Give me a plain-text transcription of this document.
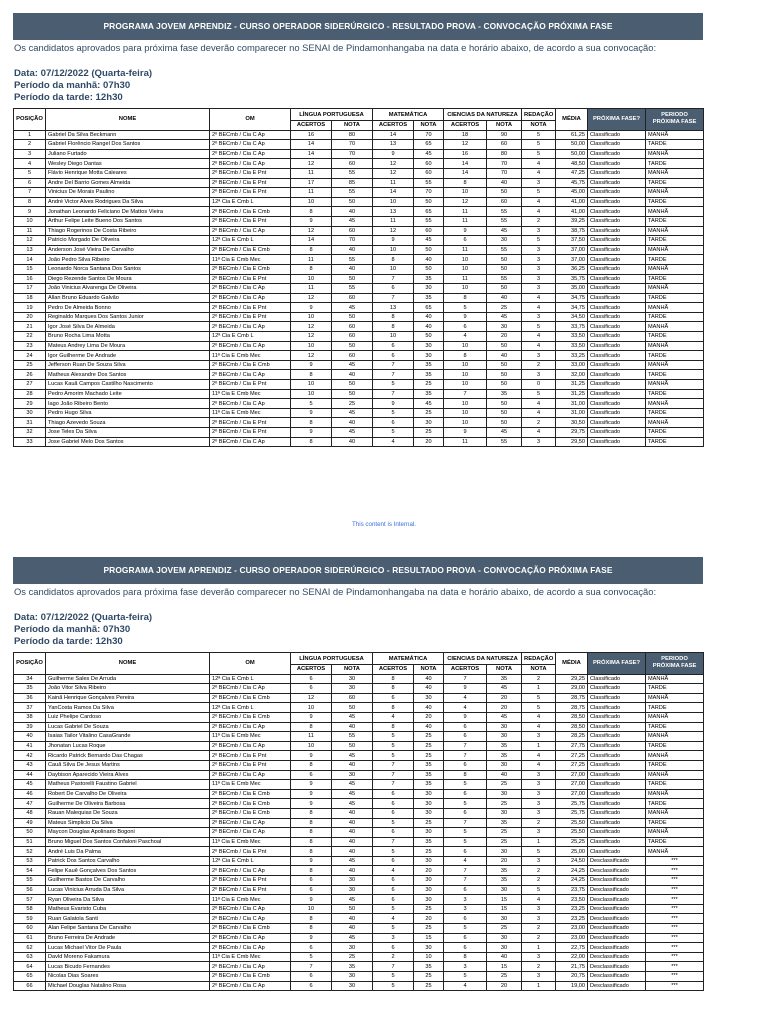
PROGRAMA JOVEM APRENDIZ - CURSO OPERADOR SIDERÚRGICO - RESULTADO PROVA - CONVOCAÇÃO PRÓXIMA FASE
Os candidatos aprovados para próxima fase deverão comparecer no SENAI de Pindamonhangaba na data e horário abaixo, de acordo a sua convocação:
Data: 07/12/2022 (Quarta-feira)
Período da manhã: 07h30
Período da tarde: 12h30
POSIÇÃO	NOME	OM	LÍNGUA PORTUGUESA		MATEMÁTICA		CIENCIAS DA NATUREZA		REDAÇÃO	MÉDIA	PRÓXIMA FASE?	PERIODO PRÓXIMA FASE
			ACERTOS	NOTA	ACERTOS	NOTA	ACERTOS	NOTA	NOTA			
1	Gabriel Da Silva Beckmann	2º BECmb / Cia C Ap	16	80	14	70	18	90	5	61,25	Classificado	MANHÃ
2	Gabriel Florêncio Rangel Dos Santos	2º BECmb / Cia C Ap	14	70	13	65	12	60	5	50,00	Classificado	TARDE
3	Juliano Furtado	2º BECmb / Cia C Ap	14	70	9	45	16	80	5	50,00	Classificado	MANHÃ
4	Wesley Diego Dantas	2º BECmb / Cia C Ap	12	60	12	60	14	70	4	48,50	Classificado	TARDE
5	Flávio Henrique Motta Caleares	2º BECmb / Cia E Pnt	11	55	12	60	14	70	4	47,25	Classificado	MANHÃ
6	Andre Del Barrio Gomes Almeida	2º BECmb / Cia E Pnt	17	85	11	55	8	40	3	45,75	Classificado	TARDE
7	Vinicius De Morais Paulino	2º BECmb / Cia E Pnt	11	55	14	70	10	50	5	45,00	Classificado	MANHÃ
8	André Victor Alves Rodrigues Da Silva	12ª Cia E Cmb L	10	50	10	50	12	60	4	41,00	Classificado	TARDE
9	Jonathan Leonardo Feliciano De Mattos Vieira	2º BECmb / Cia E Cmb	8	40	13	65	11	55	4	41,00	Classificado	MANHÃ
10	Arthur Felipe Leite Bueno Dos Santos	2º BECmb / Cia E Pnt	9	45	11	55	11	55	2	39,25	Classificado	TARDE
11	Thiago Rogerinos De Costa Ribeiro	2º BECmb / Cia C Ap	12	60	12	60	9	45	3	38,75	Classificado	MANHÃ
12	Patricio Morgado De Oliveira	12ª Cia E Cmb L	14	70	9	45	6	30	5	37,50	Classificado	TARDE
13	Anderson José Vieira De Carvalho	2º BECmb / Cia E Cmb	8	40	10	50	11	55	3	37,00	Classificado	MANHÃ
14	João Pedro Silva Ribeiro	11ª Cia E Cmb Mec	11	55	8	40	10	50	3	37,00	Classificado	TARDE
15	Leonardo Norca Santana Dos Santos	2º BECmb / Cia E Cmb	8	40	10	50	10	50	3	36,25	Classificado	MANHÃ
16	Diego Rezende Santos De Moura	2º BECmb / Cia E Pnt	10	50	7	35	11	55	3	35,75	Classificado	TARDE
17	João Vinicius Alvarenga De Oliveira	2º BECmb / Cia C Ap	11	55	6	30	10	50	3	35,00	Classificado	MANHÃ
18	Allan Bruno Eduardo Galvão	2º BECmb / Cia C Ap	12	60	7	35	8	40	4	34,75	Classificado	TARDE
19	Pedro De Almeida Bonno	2º BECmb / Cia E Pnt	9	45	13	65	5	25	4	34,75	Classificado	MANHÃ
20	Reginaldo Marques Dos Santos Junior	2º BECmb / Cia E Pnt	10	50	8	40	9	45	3	34,50	Classificado	TARDE
21	Igor José Silva De Almeida	2º BECmb / Cia C Ap	12	60	8	40	6	30	5	33,75	Classificado	MANHÃ
22	Bruno Rocha Lima Motta	12ª Cia E Cmb L	12	60	10	50	4	20	4	33,50	Classificado	TARDE
23	Mateus Andrey Lima De Moura	2º BECmb / Cia C Ap	10	50	6	30	10	50	4	33,50	Classificado	MANHÃ
24	Igor Guilherme De Andrade	11ª Cia E Cmb Mec	12	60	6	30	8	40	3	33,25	Classificado	TARDE
25	Jefferson Ruan De Souza Silva	2º BECmb / Cia E Cmb	9	45	7	35	10	50	2	33,00	Classificado	MANHÃ
26	Matheus Alexandre Dos Santos	2º BECmb / Cia C Ap	8	40	7	35	10	50	3	32,00	Classificado	TARDE
27	Lucas Kauã Campos Castilho Nascimento	2º BECmb / Cia E Pnt	10	50	5	25	10	50	0	31,25	Classificado	MANHÃ
28	Pedro Amorim Machado Leite	11ª Cia E Cmb Mec	10	50	7	35	7	35	5	31,25	Classificado	TARDE
29	Iago João Ribeiro Bento	2º BECmb / Cia C Ap	5	25	9	45	10	50	4	31,00	Classificado	MANHÃ
30	Pedro Hugo Silva	11ª Cia E Cmb Mec	9	45	5	25	10	50	4	31,00	Classificado	TARDE
31	Thiago Azevedo Souza	2º BECmb / Cia E Pnt	8	40	6	30	10	50	2	30,50	Classificado	MANHÃ
32	Jose Teles Da Silva	2º BECmb / Cia E Pnt	9	45	5	25	9	45	4	29,75	Classificado	TARDE
33	Jose Gabriel Melo Dos Santos	2º BECmb / Cia C Ap	8	40	4	20	11	55	3	29,50	Classificado	TARDE
This content is Internal.
PROGRAMA JOVEM APRENDIZ - CURSO OPERADOR SIDERÚRGICO - RESULTADO PROVA - CONVOCAÇÃO PRÓXIMA FASE
Os candidatos aprovados para próxima fase deverão comparecer no SENAI de Pindamonhangaba na data e horário abaixo, de acordo a sua convocação:
Data: 07/12/2022 (Quarta-feira)
Período da manhã: 07h30
Período da tarde: 12h30
POSIÇÃO	NOME	OM	LÍNGUA PORTUGUESA		MATEMÁTICA		CIENCIAS DA NATUREZA		REDAÇÃO	MÉDIA	PRÓXIMA FASE?	PERIODO PRÓXIMA FASE
			ACERTOS	NOTA	ACERTOS	NOTA	ACERTOS	NOTA	NOTA			
34	Guilherme Sales De Arruda	12ª Cia E Cmb L	6	30	8	40	7	35	2	29,25	Classificado	MANHÃ
35	João Vitor Silva Ribeiro	2º BECmb / Cia C Ap	6	30	8	40	9	45	1	29,00	Classificado	TARDE
36	Kainã Henrique Gonçalves Pereira	2º BECmb / Cia E Cmb	12	60	6	30	4	20	5	28,75	Classificado	MANHÃ
37	YanCosta Ramos Da Silva	12ª Cia E Cmb L	10	50	8	40	4	20	5	28,75	Classificado	TARDE
38	Luiz Phelipe Cardoso	2º BECmb / Cia E Cmb	9	45	4	20	9	45	4	28,50	Classificado	MANHÃ
39	Lucas Gabriel De Souza	2º BECmb / Cia C Ap	8	40	8	40	6	30	4	28,50	Classificado	TARDE
40	Isaias Tailor Vitalino CasaGrande	11ª Cia E Cmb Mec	11	55	5	25	6	30	3	28,25	Classificado	MANHÃ
41	Jhonatan Lucas Roque	2º BECmb / Cia C Ap	10	50	5	25	7	35	1	27,75	Classificado	TARDE
42	Ricardo Patrick Bernardo Das Chagas	2º BECmb / Cia E Pnt	9	45	5	25	7	35	4	27,25	Classificado	MANHÃ
43	Cauã Silva De Jesus Martins	2º BECmb / Cia E Pnt	8	40	7	35	6	30	4	27,25	Classificado	TARDE
44	Daybison Aparecido Vieira Alves	2º BECmb / Cia C Ap	6	30	7	35	8	40	3	27,00	Classificado	MANHÃ
45	Matheus Pastorelli Faustino Gabriel	11ª Cia E Cmb Mec	9	45	7	35	5	25	3	27,00	Classificado	TARDE
46	Robert De Carvalho De Oliveira	2º BECmb / Cia E Cmb	9	45	6	30	6	30	3	27,00	Classificado	MANHÃ
47	Guilherme De Oliveira Barbosa	2º BECmb / Cia E Cmb	9	45	6	30	5	25	3	25,75	Classificado	TARDE
48	Rauan Malequias De Souza	2º BECmb / Cia E Cmb	8	40	6	30	6	30	3	25,75	Classificado	MANHÃ
49	Mateus Simplicio Da Silva	2º BECmb / Cia C Ap	8	40	5	25	7	35	2	25,50	Classificado	TARDE
50	Maycon Douglas Apolinario Bogoni	2º BECmb / Cia C Ap	8	40	6	30	5	25	3	25,50	Classificado	MANHÃ
51	Bruno Miguel Dos Santos Confaloni Paschoal	11ª Cia E Cmb Mec	8	40	7	35	5	25	1	25,25	Classificado	TARDE
52	André Luis Da Palma	2º BECmb / Cia E Pnt	8	40	5	25	6	30	5	25,00	Classificado	MANHÃ
53	Patrick Dos Santos Carvalho	12ª Cia E Cmb L	9	45	6	30	4	20	3	24,50	Desclassificado	***
54	Felipe Kauê Gonçalves Dos Santos	2º BECmb / Cia C Ap	8	40	4	20	7	35	2	24,25	Desclassificado	***
55	Guilherme Bastos De Carvalho	2º BECmb / Cia E Pnt	6	30	6	30	7	35	2	24,25	Desclassificado	***
56	Lucas Vinicius Arruda Da Silva	2º BECmb / Cia E Pnt	6	30	6	30	6	30	5	23,75	Desclassificado	***
57	Ryan Oliveira Da Silva	11ª Cia E Cmb Mec	9	45	6	30	3	15	4	23,50	Desclassificado	***
58	Matheus Evaristo Cuba	2º BECmb / Cia C Ap	10	50	5	25	3	15	3	23,25	Desclassificado	***
59	Ruan Galatola Santi	2º BECmb / Cia C Ap	8	40	4	20	6	30	3	23,25	Desclassificado	***
60	Alan Felipe Santana De Carvalho	2º BECmb / Cia E Cmb	8	40	5	25	5	25	2	23,00	Desclassificado	***
61	Bruno Ferreira De Andrade	2º BECmb / Cia C Ap	9	45	3	15	6	30	2	23,00	Desclassificado	***
62	Lucas Michael Vitor De Paula	2º BECmb / Cia C Ap	6	30	6	30	6	30	1	22,75	Desclassificado	***
63	Davld Moreno Fakamura	11ª Cia E Cmb Mec	5	25	2	10	8	40	3	22,00	Desclassificado	***
64	Lucas Bicudo Fernandes	2º BECmb / Cia C Ap	7	35	7	35	3	15	2	21,75	Desclassificado	***
65	Nicolas Dias Soares	2º BECmb / Cia E Cmb	6	30	5	25	5	25	3	20,75	Desclassificado	***
66	Michael Douglas Natalino Rosa	2º BECmb / Cia C Ap	6	30	5	25	4	20	1	19,00	Desclassificado	***
